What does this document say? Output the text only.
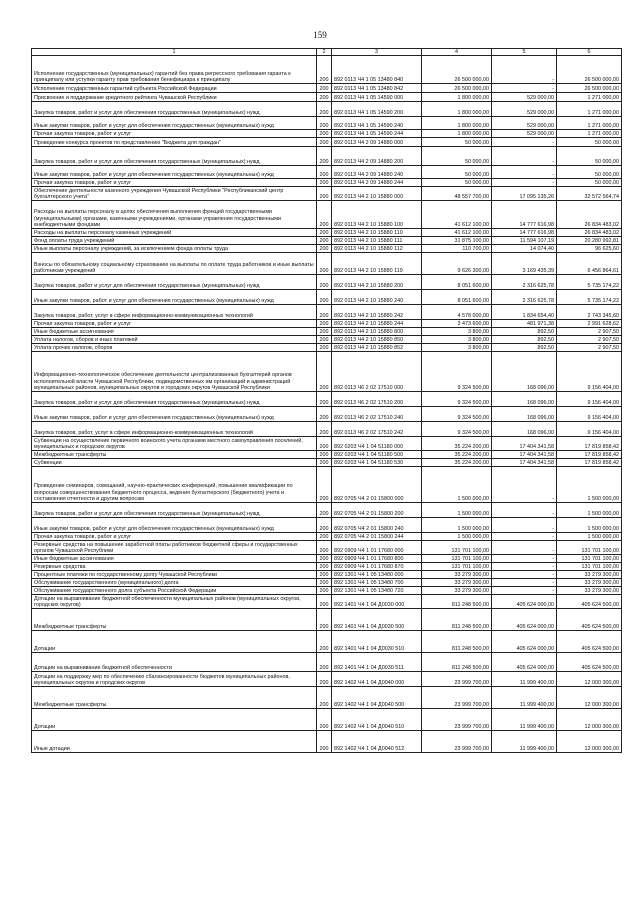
159
1	2	3	4	5	6
Исполнение государственных (муниципальных) гарантий без права регрессного требования гаранта к принципалу или уступки гаранту прав требования бенефициара к принципалу	200	892 0113 Ч4 1 05 13480 840	26 500 000,00	-	26 500 000,00
Исполнение государственных гарантий субъекта Российской Федерации	200	892 0113 Ч4 1 05 13480 842	26 500 000,00	-	26 500 000,00
Присвоение и поддержание кредитного рейтинга Чувашской Республики	200	892 0113 Ч4 1 05 14590 000	1 800 000,00	529 000,00	1 271 000,00
Закупка товаров, работ и услуг для обеспечения государственных (муниципальных) нужд	200	892 0113 Ч4 1 05 14590 200	1 800 000,00	529 000,00	1 271 000,00
Иные закупки товаров, работ и услуг для обеспечения государственных (муниципальных) нужд	200	892 0113 Ч4 1 05 14590 240	1 800 000,00	529 000,00	1 271 000,00
Прочая закупка товаров, работ и услуг	200	892 0113 Ч4 1 05 14590 244	1 800 000,00	529 000,00	1 271 000,00
Проведение конкурса проектов по представлению "Бюджета для граждан"	200	892 0113 Ч4 2 09 14880 000	50 000,00	-	50 000,00
Закупка товаров, работ и услуг для обеспечения государственных (муниципальных) нужд	200	892 0113 Ч4 2 09 14880 200	50 000,00	-	50 000,00
Иные закупки товаров, работ и услуг для обеспечения государственных (муниципальных) нужд	200	892 0113 Ч4 2 09 14880 240	50 000,00	-	50 000,00
Прочая закупка товаров, работ и услуг	200	892 0113 Ч4 2 09 14880 244	50 000,00	-	50 000,00
Обеспечение деятельности казенного учреждения Чувашской Республики "Республиканский центр бухгалтерского учета"	200	892 0113 Ч4 2 10 15880 000	48 557 700,00	17 095 135,26	32 572 564,74
Расходы на выплаты персоналу в целях обеспечения выполнения функций государственными (муниципальными) органами, казенными учреждениями, органами управления государственными внебюджетными фондами	200	892 0113 Ч4 2 10 15880 100	41 612 100,00	14 777 616,98	26 834 483,02
Расходы на выплаты персоналу казенных учреждений	200	892 0113 Ч4 2 10 15880 110	41 612 100,00	14 777 616,98	26 834 483,02
Фонд оплаты труда учреждений	200	892 0113 Ч4 2 10 15880 111	31 875 100,00	11 594 107,19	20 280 992,81
Иные выплаты персоналу учреждений, за исключением фонда оплаты труда	200	892 0113 Ч4 2 10 15880 112	110 700,00	14 074,40	96 625,60
Взносы по обязательному социальному страхованию на выплаты по оплате труда работников и иные выплаты работникам учреждений	200	892 0113 Ч4 2 10 15880 119	9 626 300,00	3 169 435,39	6 456 864,61
Закупка товаров, работ и услуг для обеспечения государственных (муниципальных) нужд	200	892 0113 Ч4 2 10 15880 200	8 051 600,00	2 316 625,78	5 735 174,22
Иные закупки товаров, работ и услуг для обеспечения государственных (муниципальных) нужд	200	892 0113 Ч4 2 10 15880 240	8 051 600,00	2 316 625,78	5 735 174,22
Закупка товаров, работ, услуг в сфере информационно-коммуникационных технологий	200	892 0113 Ч4 2 10 15880 242	4 578 000,00	1 834 654,40	2 743 345,60
Прочая закупка товаров, работ и услуг	200	892 0113 Ч4 2 10 15880 244	3 473 600,00	481 971,38	2 991 628,62
Иные бюджетные ассигнования	200	892 0113 Ч4 2 10 15880 800	3 800,00	892,50	2 907,50
Уплата налогов, сборов и иных платежей	200	892 0113 Ч4 2 10 15880 850	3 800,00	892,50	2 907,50
Уплата прочих налогов, сборов	200	892 0113 Ч4 2 10 15880 852	3 800,00	892,50	2 907,50
Информационно-технологическое обеспечение деятельности централизованных бухгалтерий органов исполнительной власти Чувашской Республики, подведомственных им организаций и администраций муниципальных районов, муниципальных округов и городских округов Чувашской Республики	200	892 0113 Ч6 2 02 17510 000	9 324 500,00	168 096,00	9 156 404,00
Закупка товаров, работ и услуг для обеспечения государственных (муниципальных) нужд	200	892 0113 Ч6 2 02 17510 200	9 324 500,00	168 096,00	9 156 404,00
Иные закупки товаров, работ и услуг для обеспечения государственных (муниципальных) нужд	200	892 0113 Ч6 2 02 17510 240	9 324 500,00	168 096,00	9 156 404,00
Закупка товаров, работ, услуг в сфере информационно-коммуникационных технологий	200	892 0113 Ч6 2 02 17510 242	9 324 500,00	168 096,00	9 156 404,00
Субвенции на осуществление первичного воинского учета органами местного самоуправления поселений, муниципальных и городских округов	200	892 0203 Ч4 1 04 51180 000	35 224 200,00	17 404 341,58	17 819 858,42
Межбюджетные трансферты	200	892 0203 Ч4 1 04 51180 500	35 224 200,00	17 404 341,58	17 819 858,42
Субвенции	200	892 0203 Ч4 1 04 51180 530	35 224 200,00	17 404 341,58	17 819 858,42
Проведение семинаров, совещаний, научно-практических конференций, повышение квалификации по вопросам совершенствования бюджетного процесса, ведения бухгалтерского (бюджетного) учета и составления отчетности и другим вопросам	200	892 0705 Ч4 2 01 15800 000	1 500 000,00	-	1 500 000,00
Закупка товаров, работ и услуг для обеспечения государственных (муниципальных) нужд	200	892 0705 Ч4 2 01 15800 200	1 500 000,00	-	1 500 000,00
Иные закупки товаров, работ и услуг для обеспечения государственных (муниципальных) нужд	200	892 0705 Ч4 2 01 15800 240	1 500 000,00	-	1 500 000,00
Прочая закупка товаров, работ и услуг	200	892 0705 Ч4 2 01 15800 244	1 500 000,00	-	1 500 000,00
Резервные средства на повышение заработной платы работников бюджетной сферы и государственных органов Чувашской Республики	200	892 0909 Ч4 1 01 17680 000	131 701 100,00	-	131 701 100,00
Иные бюджетные ассигнования	200	892 0909 Ч4 1 01 17680 800	131 701 100,00	-	131 701 100,00
Резервные средства	200	892 0909 Ч4 1 01 17680 870	131 701 100,00	-	131 701 100,00
Процентные платежи по государственному долгу Чувашской Республики	200	892 1301 Ч4 1 05 13480 000	33 279 300,00	-	33 279 300,00
Обслуживание государственного (муниципального) долга	200	892 1301 Ч4 1 05 13480 700	33 279 300,00	-	33 279 300,00
Обслуживание государственного долга субъекта Российской Федерации	200	892 1301 Ч4 1 05 13480 720	33 279 300,00	-	33 279 300,00
Дотации на выравнивание бюджетной обеспеченности муниципальных районов (муниципальных округов, городских округов)	200	892 1401 Ч4 1 04 Д0030 000	811 248 500,00	405 624 000,00	405 624 500,00
Межбюджетные трансферты	200	892 1401 Ч4 1 04 Д0030 500	811 248 500,00	405 624 000,00	405 624 500,00
Дотации	200	892 1401 Ч4 1 04 Д0030 510	811 248 500,00	405 624 000,00	405 624 500,00
Дотации на выравнивание бюджетной обеспеченности	200	892 1401 Ч4 1 04 Д0030 511	811 248 500,00	405 624 000,00	405 624 500,00
Дотации на поддержку мер по обеспечению сбалансированности бюджетов муниципальных районов, муниципальных округов и городских округов	200	892 1402 Ч4 1 04 Д0040 000	23 999 700,00	11 999 400,00	12 000 300,00
Межбюджетные трансферты	200	892 1402 Ч4 1 04 Д0040 500	23 999 700,00	11 999 400,00	12 000 300,00
Дотации	200	892 1402 Ч4 1 04 Д0040 510	23 999 700,00	11 999 400,00	12 000 300,00
Иные дотации	200	892 1402 Ч4 1 04 Д0040 512	23 999 700,00	11 999 400,00	12 000 300,00
